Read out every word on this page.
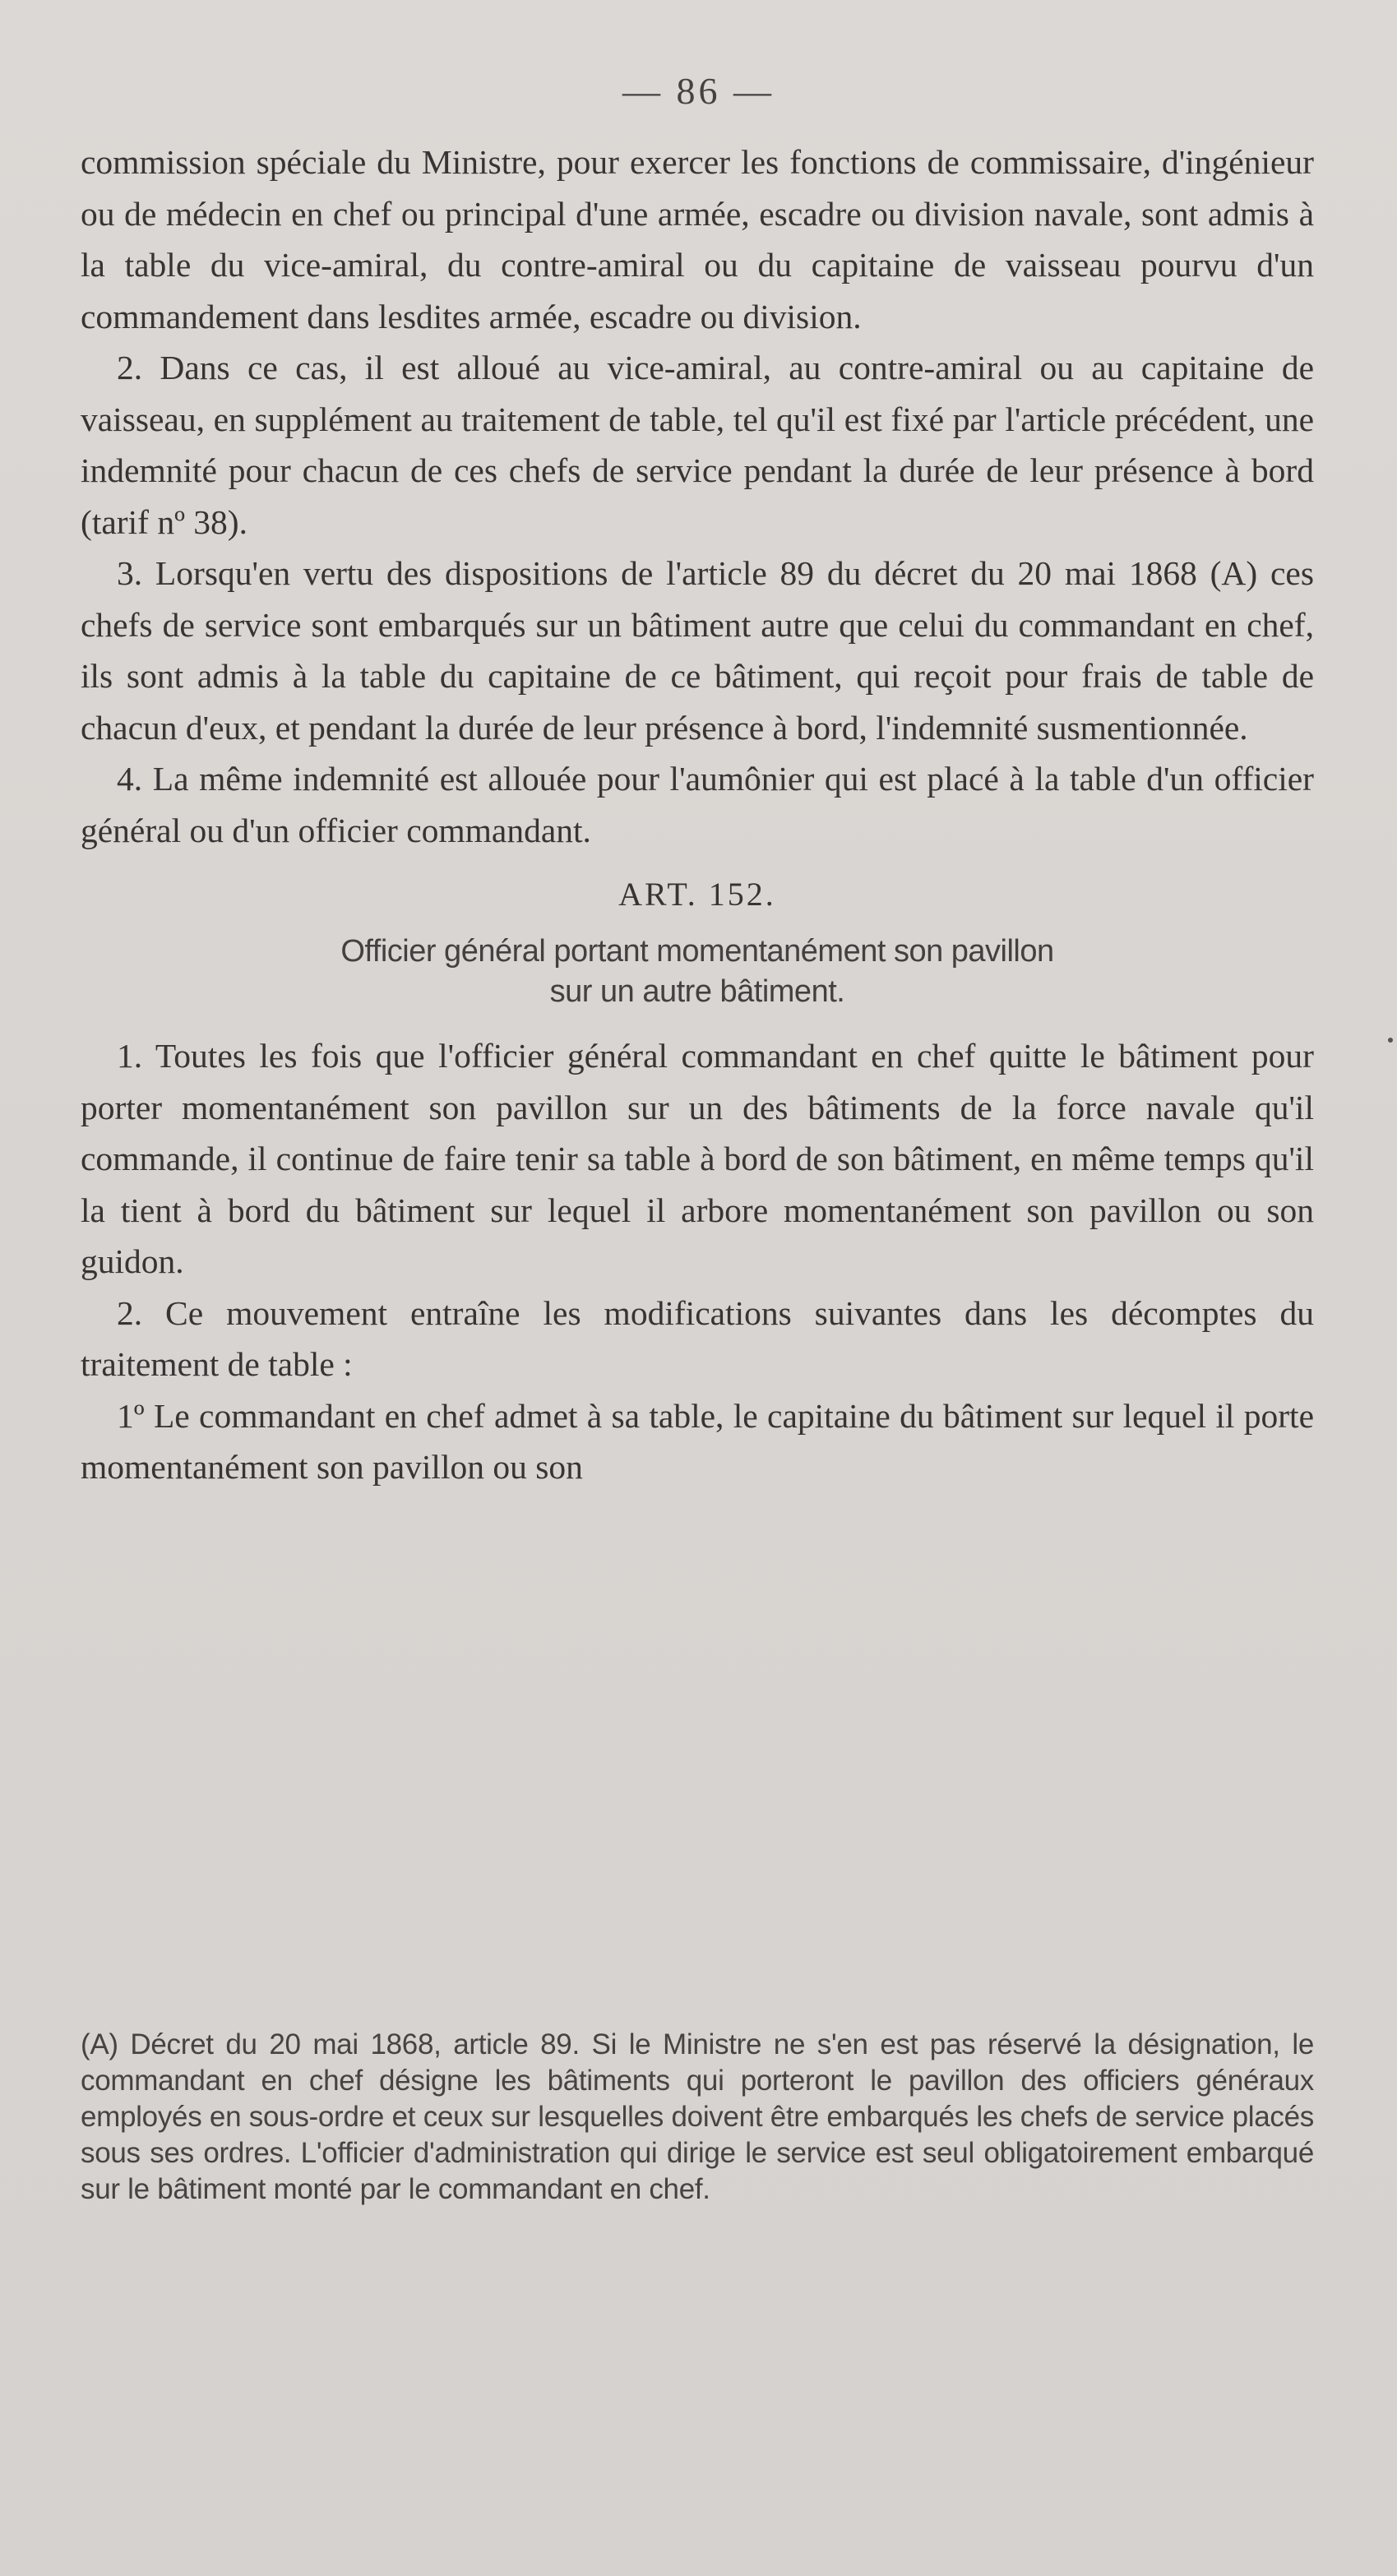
— 86 —

commission spéciale du Ministre, pour exercer les fonctions de commissaire, d'ingénieur ou de médecin en chef ou principal d'une armée, escadre ou division navale, sont admis à la table du vice-amiral, du contre-amiral ou du capitaine de vaisseau pourvu d'un commandement dans lesdites armée, escadre ou division.

2. Dans ce cas, il est alloué au vice-amiral, au contre-amiral ou au capitaine de vaisseau, en supplément au traitement de table, tel qu'il est fixé par l'article précédent, une indemnité pour chacun de ces chefs de service pendant la durée de leur présence à bord (tarif nº 38).

3. Lorsqu'en vertu des dispositions de l'article 89 du décret du 20 mai 1868 (A) ces chefs de service sont embarqués sur un bâtiment autre que celui du commandant en chef, ils sont admis à la table du capitaine de ce bâtiment, qui reçoit pour frais de table de chacun d'eux, et pendant la durée de leur présence à bord, l'indemnité susmentionnée.

4. La même indemnité est allouée pour l'aumônier qui est placé à la table d'un officier général ou d'un officier commandant.

ART. 152.
Officier général portant momentanément son pavillon
sur un autre bâtiment.

1. Toutes les fois que l'officier général commandant en chef quitte le bâtiment pour porter momentanément son pavillon sur un des bâtiments de la force navale qu'il commande, il continue de faire tenir sa table à bord de son bâtiment, en même temps qu'il la tient à bord du bâtiment sur lequel il arbore momentanément son pavillon ou son guidon.

2. Ce mouvement entraîne les modifications suivantes dans les décomptes du traitement de table :

1º Le commandant en chef admet à sa table, le capitaine du bâtiment sur lequel il porte momentanément son pavillon ou son

(A) Décret du 20 mai 1868, article 89. Si le Ministre ne s'en est pas réservé la désignation, le commandant en chef désigne les bâtiments qui porteront le pavillon des officiers généraux employés en sous-ordre et ceux sur lesquelles doivent être embarqués les chefs de service placés sous ses ordres. L'officier d'administration qui dirige le service est seul obligatoirement embarqué sur le bâtiment monté par le commandant en chef.
